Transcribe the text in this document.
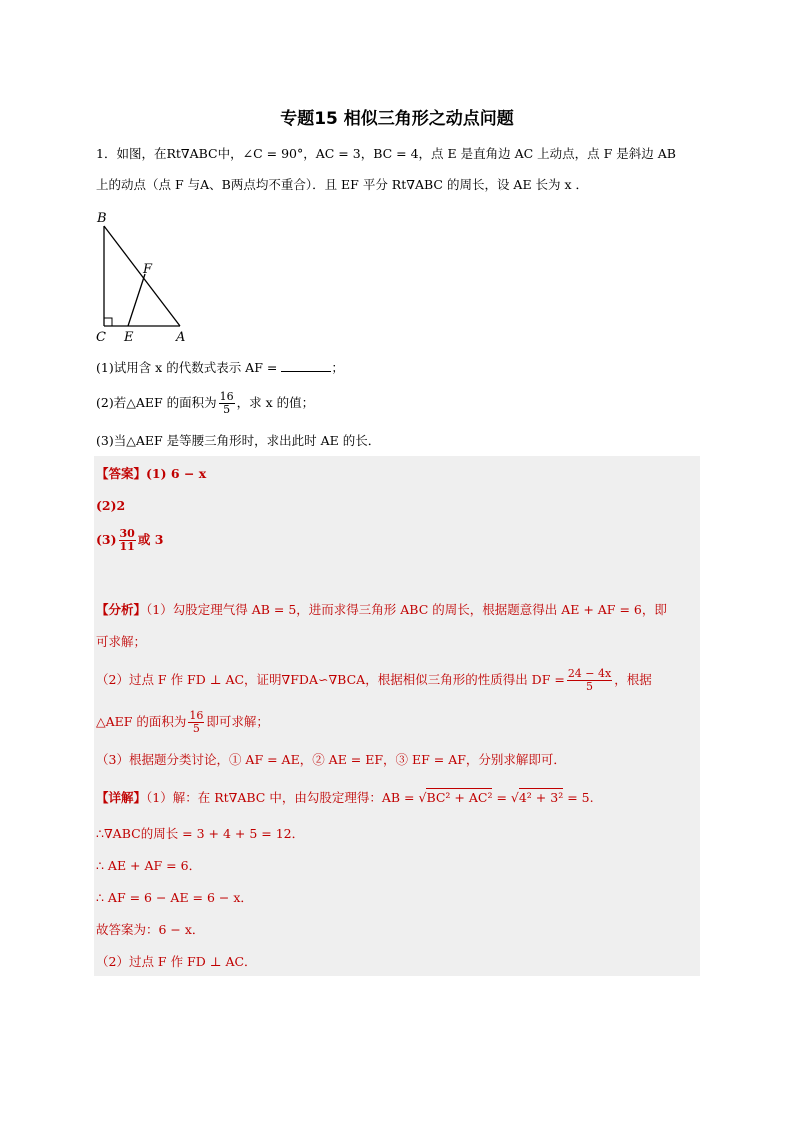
专题15 相似三角形之动点问题
1．如图，在Rt∇ABC中，∠C = 90°，AC = 3，BC = 4，点 E 是直角边 AC 上动点，点 F 是斜边 AB
上的动点（点 F 与A、B两点均不重合）．且 EF 平分 Rt∇ABC 的周长，设 AE 长为 x ．
B
F
C E	A
(1)试用含 x 的代数式表示 AF =	；
(2)若△AEF 的面积为 $\frac{16}{5}$ ，求 x 的值；
(3)当△AEF 是等腰三角形时，求出此时 AE 的长．
【答案】(1) 6 − x
(2)2
$(3) \frac{30}{11}$ 或 3
【分析】（1）勾股定理气得 AB = 5，进而求得三角形 ABC 的周长，根据题意得出 AE + AF = 6，即
可求解；
（2）过点 F 作 FD ⊥ AC，证明∇FDA∽∇BCA，根据相似三角形的性质得出 DF = $\frac{24 - 4x}{5}$ ，根据
△AEF 的面积为 $\frac{16}{5}$ 即可求解；
（3）根据题分类讨论，① AF = AE，② AE = EF，③ EF = AF，分别求解即可．
【详解】（1）解：在 Rt∇ABC 中，由勾股定理得：AB = √BC² + AC² = √4² + 3² = 5.
∴∇ABC的周长 = 3 + 4 + 5 = 12．
∴ AE + AF = 6．
∴ AF = 6 − AE = 6 − x．
故答案为：6 − x．
（2）过点 F 作 FD ⊥ AC．
